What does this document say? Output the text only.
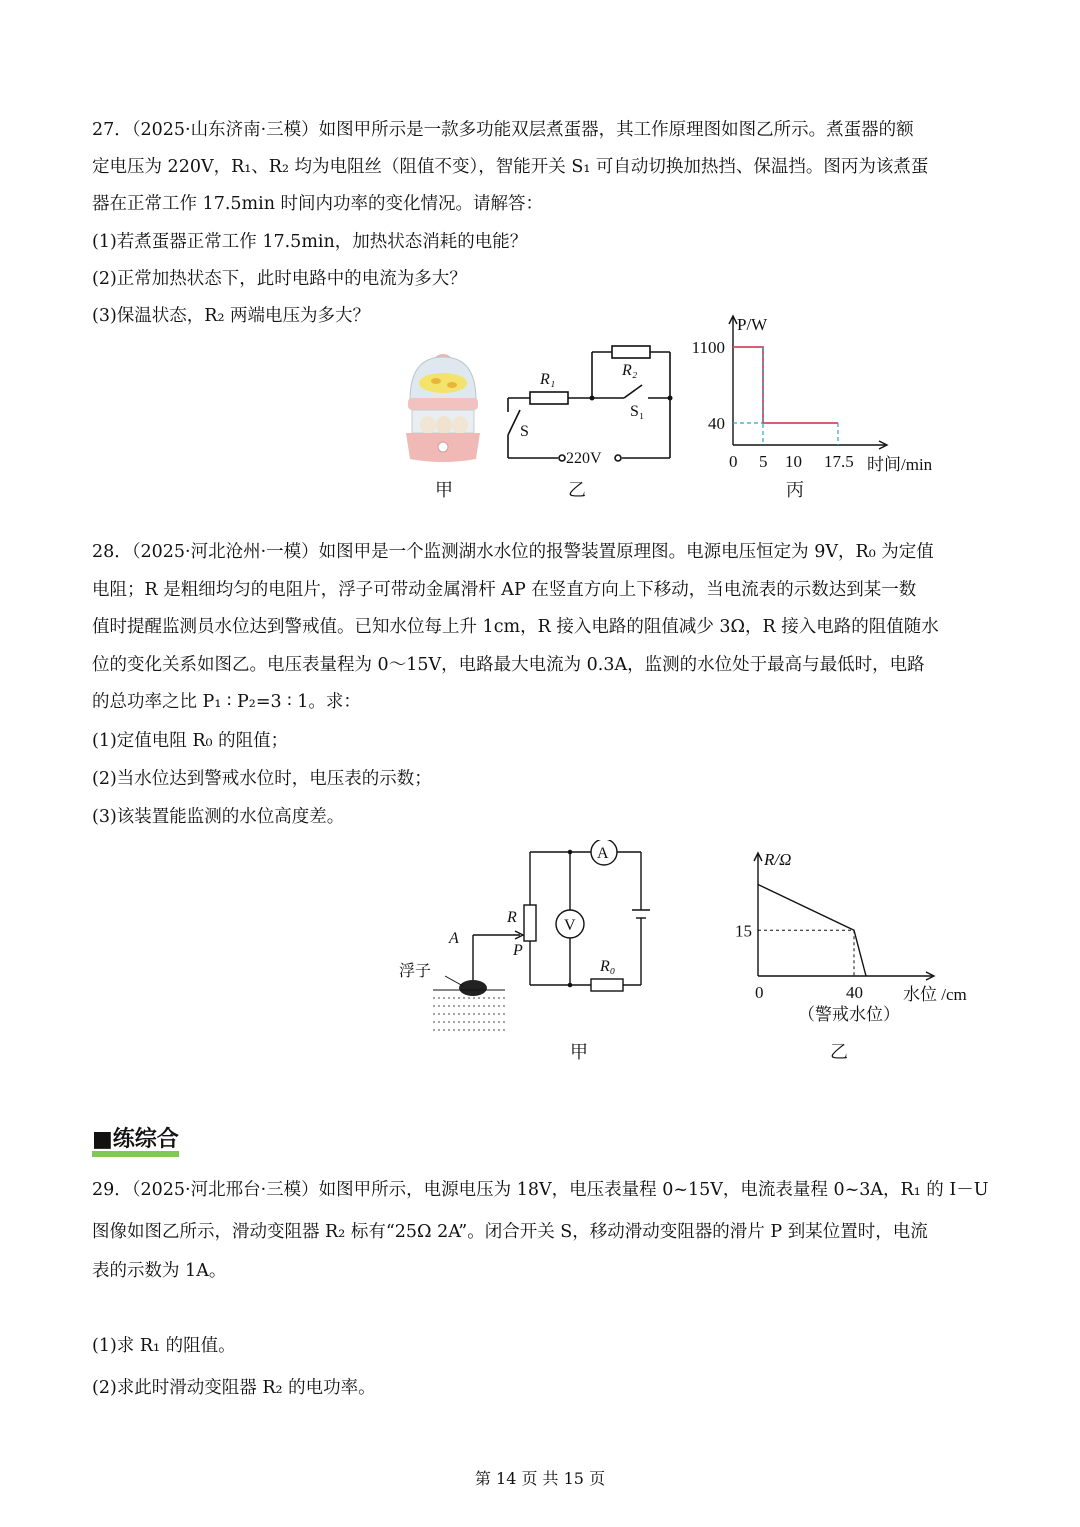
27．（2025·山东济南·三模）如图甲所示是一款多功能双层煮蛋器，其工作原理图如图乙所示。煮蛋器的额
定电压为 220V，R₁、R₂ 均为电阻丝（阻值不变），智能开关 S₁ 可自动切换加热挡、保温挡。图丙为该煮蛋
器在正常工作 17.5min 时间内功率的变化情况。请解答：
(1)若煮蛋器正常工作 17.5min，加热状态消耗的电能？
(2)正常加热状态下，此时电路中的电流为多大？
(3)保温状态，R₂ 两端电压为多大？
甲
R₁
R₂
S
S₁
220V
乙
P/W
时间/min
0 5 10 17.5
40
1100
丙
28．（2025·河北沧州·一模）如图甲是一个监测湖水水位的报警装置原理图。电源电压恒定为 9V，R₀ 为定值
电阻；R 是粗细均匀的电阻片，浮子可带动金属滑杆 AP 在竖直方向上下移动，当电流表的示数达到某一数
值时提醒监测员水位达到警戒值。已知水位每上升 1cm，R 接入电路的阻值减少 3Ω，R 接入电路的阻值随水
位的变化关系如图乙。电压表量程为 0～15V，电路最大电流为 0.3A，监测的水位处于最高与最低时，电路
的总功率之比 P₁ ∶ P₂=3 ∶ 1。求：
(1)定值电阻 R₀ 的阻值；
(2)当水位达到警戒水位时，电压表的示数；
(3)该装置能监测的水位高度差。
A
V
R
P
A
R₀
浮子
甲
R/Ω
水位 /cm
（警戒水位）
0	40
15
乙
■练综合
29．（2025·河北邢台·三模）如图甲所示，电源电压为 18V，电压表量程 0~15V，电流表量程 0~3A，R₁ 的 I－U
图像如图乙所示，滑动变阻器 R₂ 标有“25Ω 2A”。闭合开关 S，移动滑动变阻器的滑片 P 到某位置时，电流
表的示数为 1A。
(1)求 R₁ 的阻值。
(2)求此时滑动变阻器 R₂ 的电功率。
第 14 页 共 15 页
